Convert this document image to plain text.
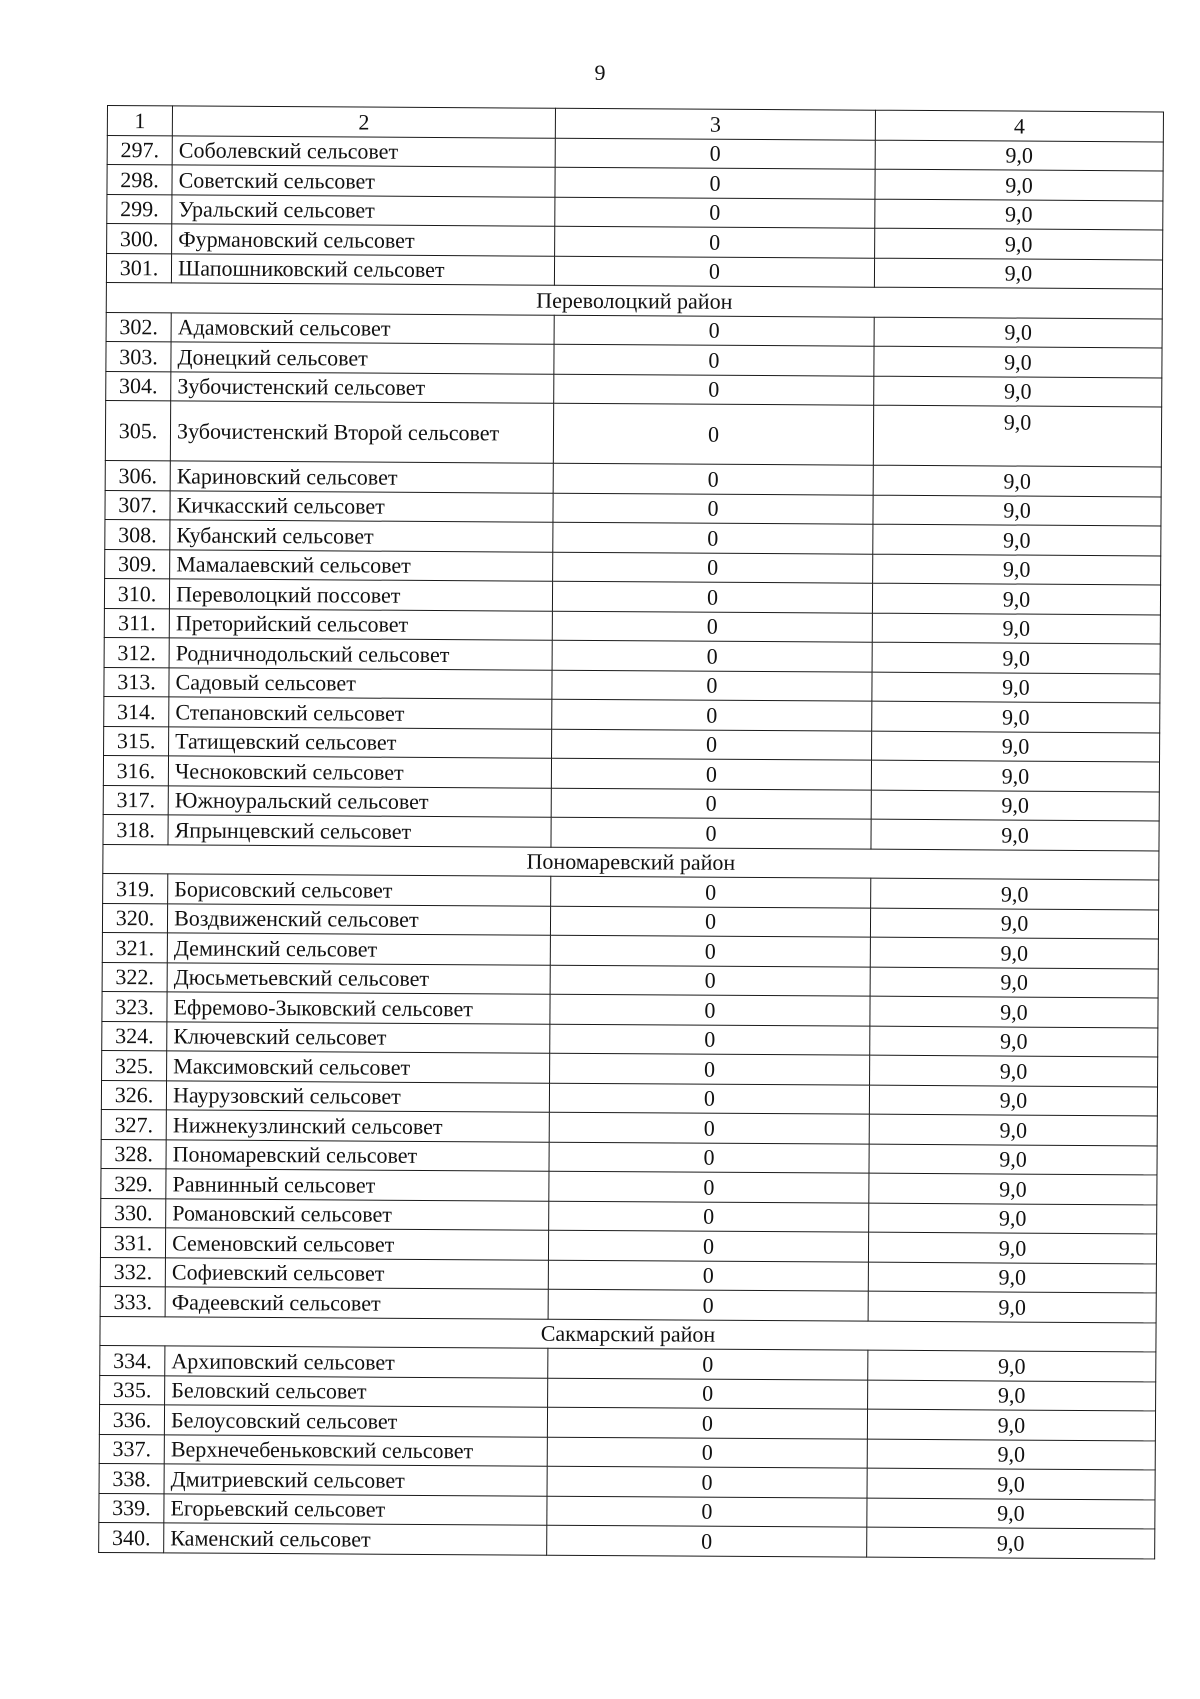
9
1	2	3	4
297.	Соболевский сельсовет	0	9,0
298.	Советский сельсовет	0	9,0
299.	Уральский сельсовет	0	9,0
300.	Фурмановский сельсовет	0	9,0
301.	Шапошниковский сельсовет	0	9,0
Переволоцкий район			
302.	Адамовский сельсовет	0	9,0
303.	Донецкий сельсовет	0	9,0
304.	Зубочистенский сельсовет	0	9,0
305.	Зубочистенский Второй сельсовет	0	9,0
306.	Кариновский сельсовет	0	9,0
307.	Кичкасский сельсовет	0	9,0
308.	Кубанский сельсовет	0	9,0
309.	Мамалаевский сельсовет	0	9,0
310.	Переволоцкий поссовет	0	9,0
311.	Преторийский сельсовет	0	9,0
312.	Родничнодольский сельсовет	0	9,0
313.	Садовый сельсовет	0	9,0
314.	Степановский сельсовет	0	9,0
315.	Татищевский сельсовет	0	9,0
316.	Чесноковский сельсовет	0	9,0
317.	Южноуральский сельсовет	0	9,0
318.	Япрынцевский сельсовет	0	9,0
Пономаревский район			
319.	Борисовский сельсовет	0	9,0
320.	Воздвиженский сельсовет	0	9,0
321.	Деминский сельсовет	0	9,0
322.	Дюсьметьевский сельсовет	0	9,0
323.	Ефремово-Зыковский сельсовет	0	9,0
324.	Ключевский сельсовет	0	9,0
325.	Максимовский сельсовет	0	9,0
326.	Наурузовский сельсовет	0	9,0
327.	Нижнекузлинский сельсовет	0	9,0
328.	Пономаревский сельсовет	0	9,0
329.	Равнинный сельсовет	0	9,0
330.	Романовский сельсовет	0	9,0
331.	Семеновский сельсовет	0	9,0
332.	Софиевский сельсовет	0	9,0
333.	Фадеевский сельсовет	0	9,0
Сакмарский район			
334.	Архиповский сельсовет	0	9,0
335.	Беловский сельсовет	0	9,0
336.	Белоусовский сельсовет	0	9,0
337.	Верхнечебеньковский сельсовет	0	9,0
338.	Дмитриевский сельсовет	0	9,0
339.	Егорьевский сельсовет	0	9,0
340.	Каменский сельсовет	0	9,0
